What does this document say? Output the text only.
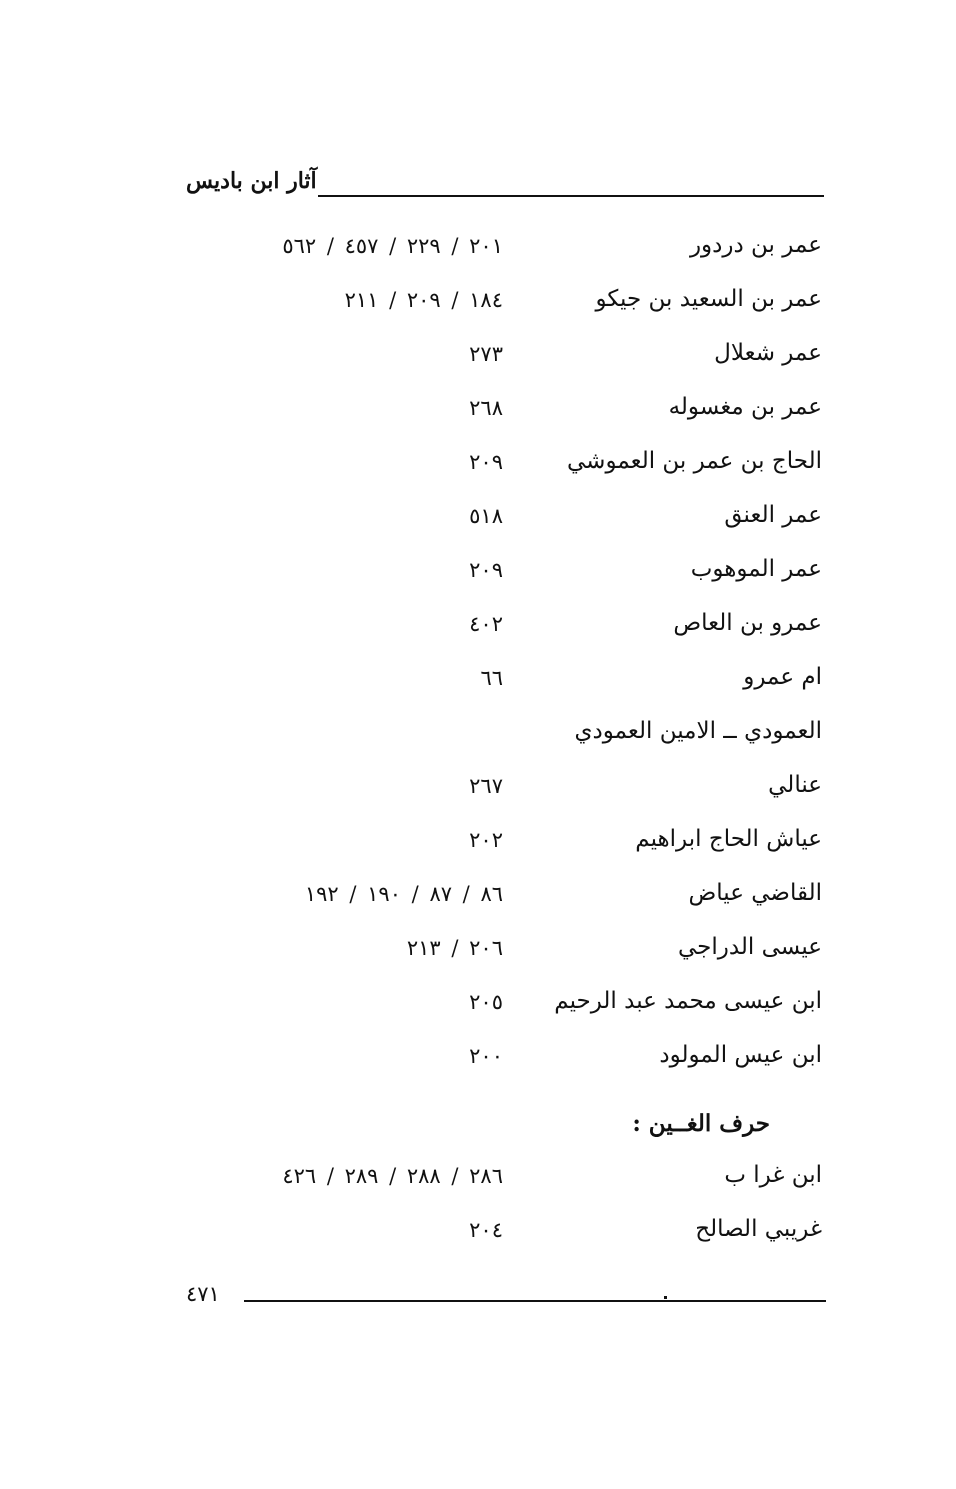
آثار ابن باديس
عمر بن دردور
٢٠١ / ٢٢٩ / ٤٥٧ / ٥٦٢
عمر بن السعيد بن جيكو
١٨٤ / ٢٠٩ / ٢١١
عمر شعلال
٢٧٣
عمر بن مغسوله
٢٦٨
الحاج بن عمر بن العموشي
٢٠٩
عمر العنق
٥١٨
عمر الموهوب
٢٠٩
عمرو بن العاص
٤٠٢
ام عمرو
٦٦
العمودي ــ الامين العمودي
عنالي
٢٦٧
عياش الحاج ابراهيم
٢٠٢
القاضي عياض
٨٦ / ٨٧ / ١٩٠ / ١٩٢
عيسى الدراجي
٢٠٦ / ٢١٣
ابن عيسى محمد عبد الرحيم
٢٠٥
ابن عيس المولود
٢٠٠
حرف الغــين :
ابن غرا ب
٢٨٦ / ٢٨٨ / ٢٨٩ / ٤٢٦
غريبي الصالح
٢٠٤
٤٧١
